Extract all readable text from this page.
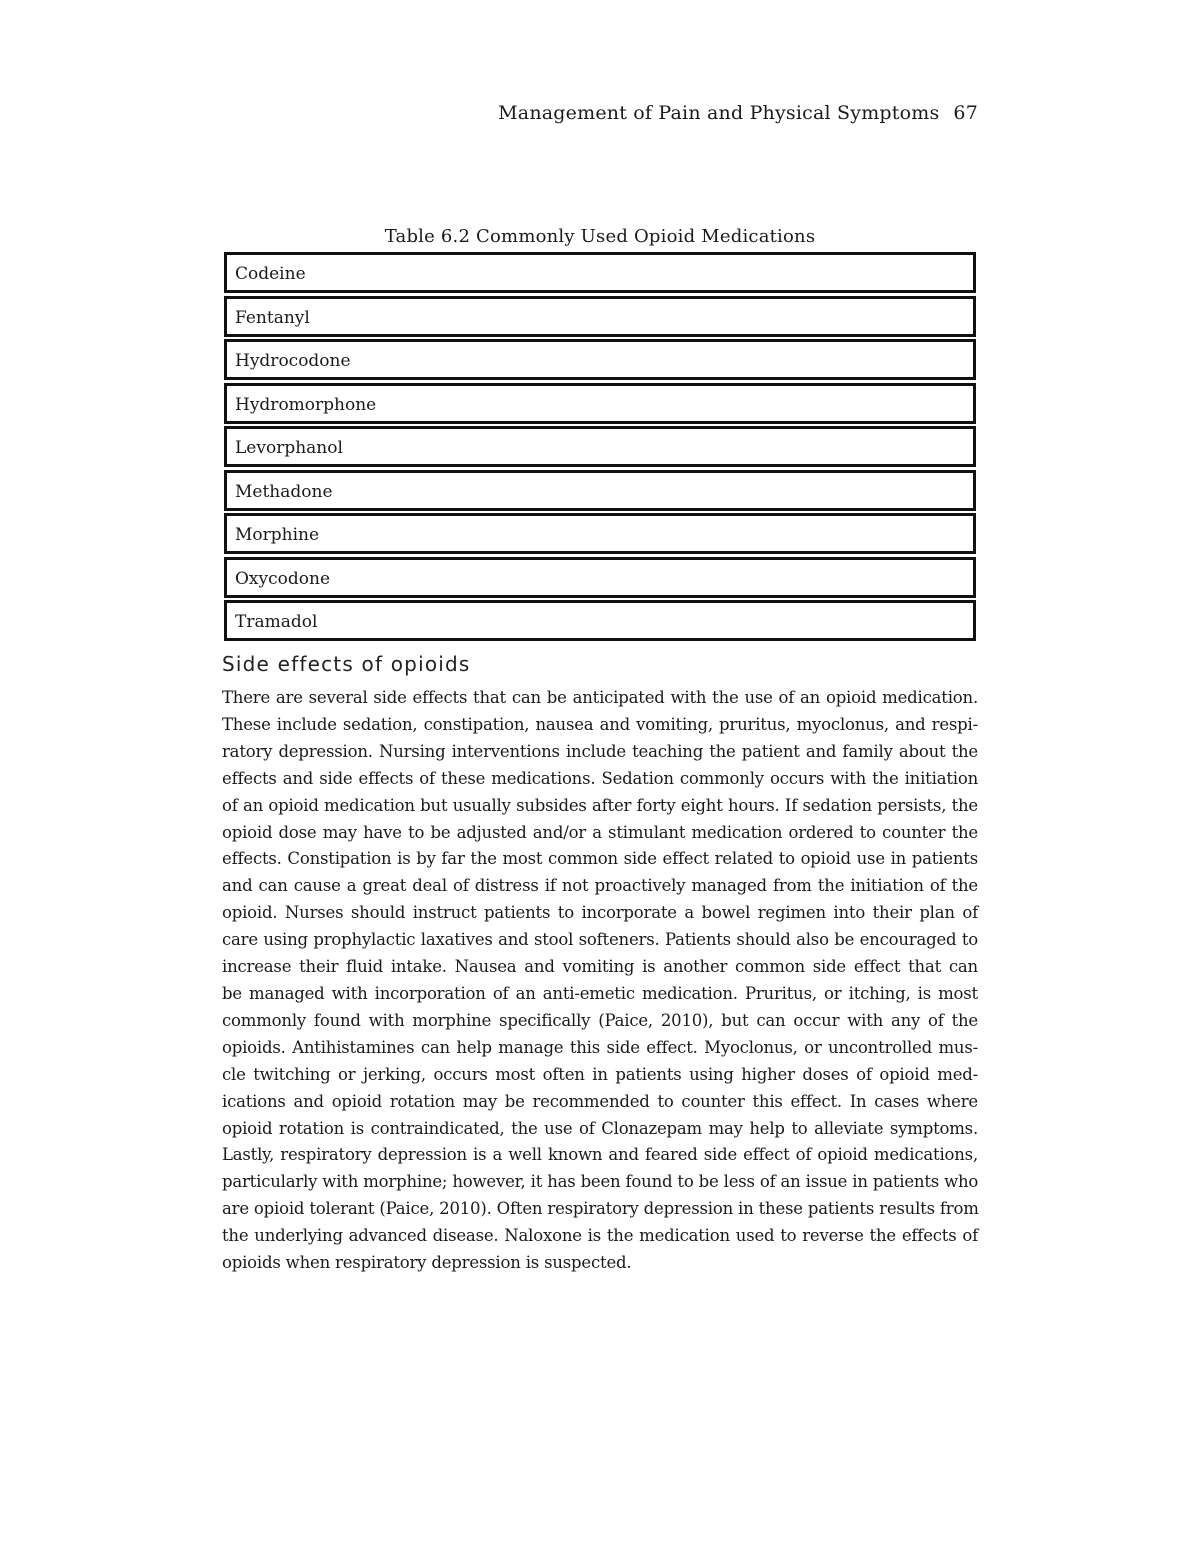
Management of Pain and Physical Symptoms 67
Table 6.2 Commonly Used Opioid Medications
Codeine
Fentanyl
Hydrocodone
Hydromorphone
Levorphanol
Methadone
Morphine
Oxycodone
Tramadol
Side effects of opioids
There are several side effects that can be anticipated with the use of an opioid medication.
These include sedation, constipation, nausea and vomiting, pruritus, myoclonus, and respi-
ratory depression. Nursing interventions include teaching the patient and family about the
effects and side effects of these medications. Sedation commonly occurs with the initiation
of an opioid medication but usually subsides after forty eight hours. If sedation persists, the
opioid dose may have to be adjusted and/or a stimulant medication ordered to counter the
effects. Constipation is by far the most common side effect related to opioid use in patients
and can cause a great deal of distress if not proactively managed from the initiation of the
opioid. Nurses should instruct patients to incorporate a bowel regimen into their plan of
care using prophylactic laxatives and stool softeners. Patients should also be encouraged to
increase their fluid intake. Nausea and vomiting is another common side effect that can
be managed with incorporation of an anti-emetic medication. Pruritus, or itching, is most
commonly found with morphine specifically (Paice, 2010), but can occur with any of the
opioids. Antihistamines can help manage this side effect. Myoclonus, or uncontrolled mus-
cle twitching or jerking, occurs most often in patients using higher doses of opioid med-
ications and opioid rotation may be recommended to counter this effect. In cases where
opioid rotation is contraindicated, the use of Clonazepam may help to alleviate symptoms.
Lastly, respiratory depression is a well known and feared side effect of opioid medications,
particularly with morphine; however, it has been found to be less of an issue in patients who
are opioid tolerant (Paice, 2010). Often respiratory depression in these patients results from
the underlying advanced disease. Naloxone is the medication used to reverse the effects of
opioids when respiratory depression is suspected.
